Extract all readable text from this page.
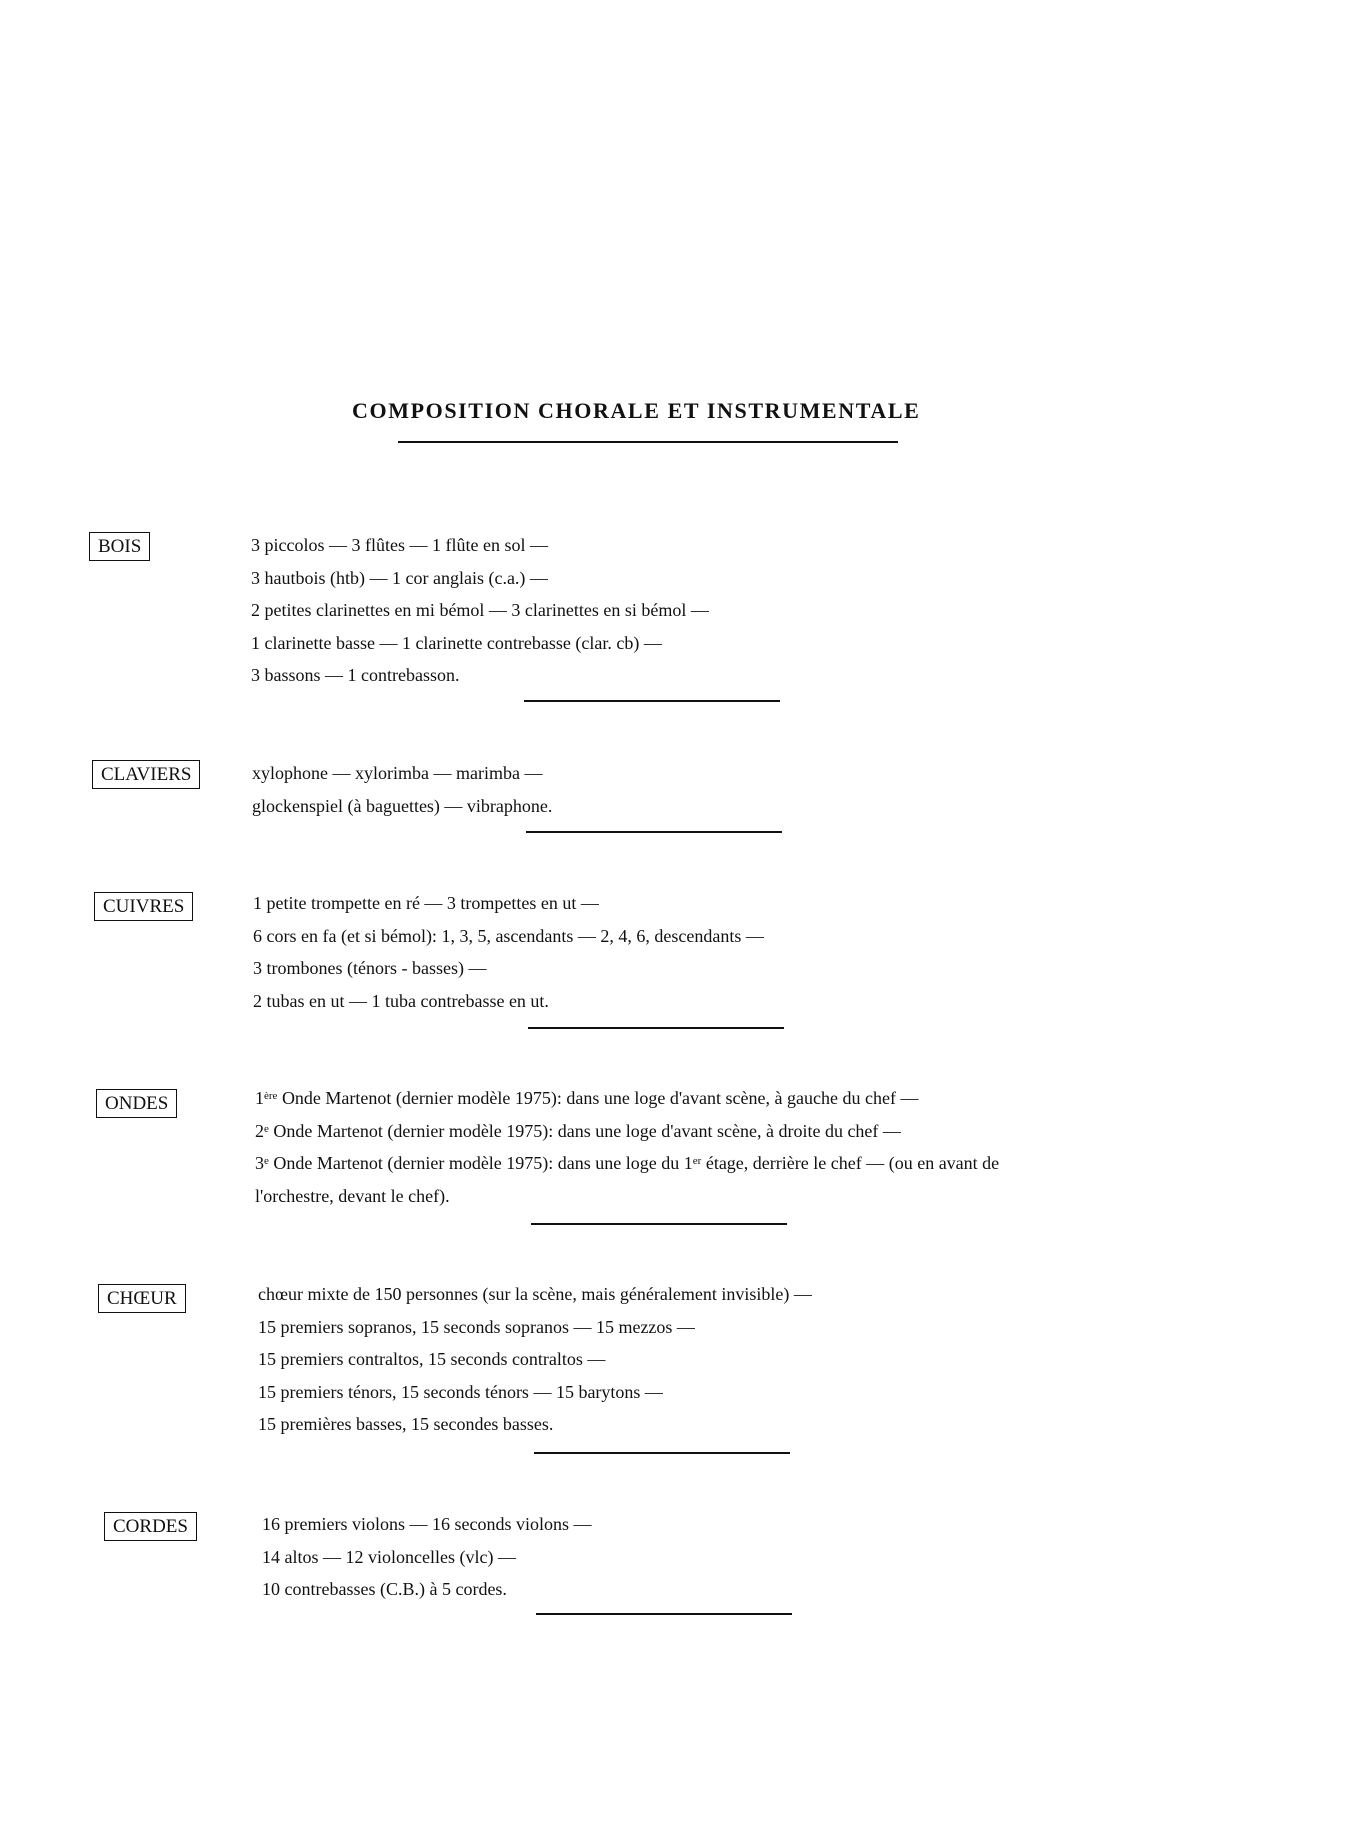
COMPOSITION CHORALE ET INSTRUMENTALE
BOIS	3 piccolos — 3 flûtes — 1 flûte en sol —
3 hautbois (htb) — 1 cor anglais (c.a.) —
2 petites clarinettes en mi bémol — 3 clarinettes en si bémol —
1 clarinette basse — 1 clarinette contrebasse (clar. cb) —
3 bassons — 1 contrebasson.
CLAVIERS	xylophone — xylorimba — marimba —
glockenspiel (à baguettes) — vibraphone.
CUIVRES	1 petite trompette en ré — 3 trompettes en ut —
6 cors en fa (et si bémol): 1, 3, 5, ascendants — 2, 4, 6, descendants —
3 trombones (ténors - basses) —
2 tubas en ut — 1 tuba contrebasse en ut.
ONDES	1ère Onde Martenot (dernier modèle 1975): dans une loge d'avant scène, à gauche du chef —
2e Onde Martenot (dernier modèle 1975): dans une loge d'avant scène, à droite du chef —
3e Onde Martenot (dernier modèle 1975): dans une loge du 1er étage, derrière le chef — (ou en avant de
l'orchestre, devant le chef).
CHŒUR	chœur mixte de 150 personnes (sur la scène, mais généralement invisible) —
15 premiers sopranos, 15 seconds sopranos — 15 mezzos —
15 premiers contraltos, 15 seconds contraltos —
15 premiers ténors, 15 seconds ténors — 15 barytons —
15 premières basses, 15 secondes basses.
CORDES	16 premiers violons — 16 seconds violons —
14 altos — 12 violoncelles (vlc) —
10 contrebasses (C.B.) à 5 cordes.
